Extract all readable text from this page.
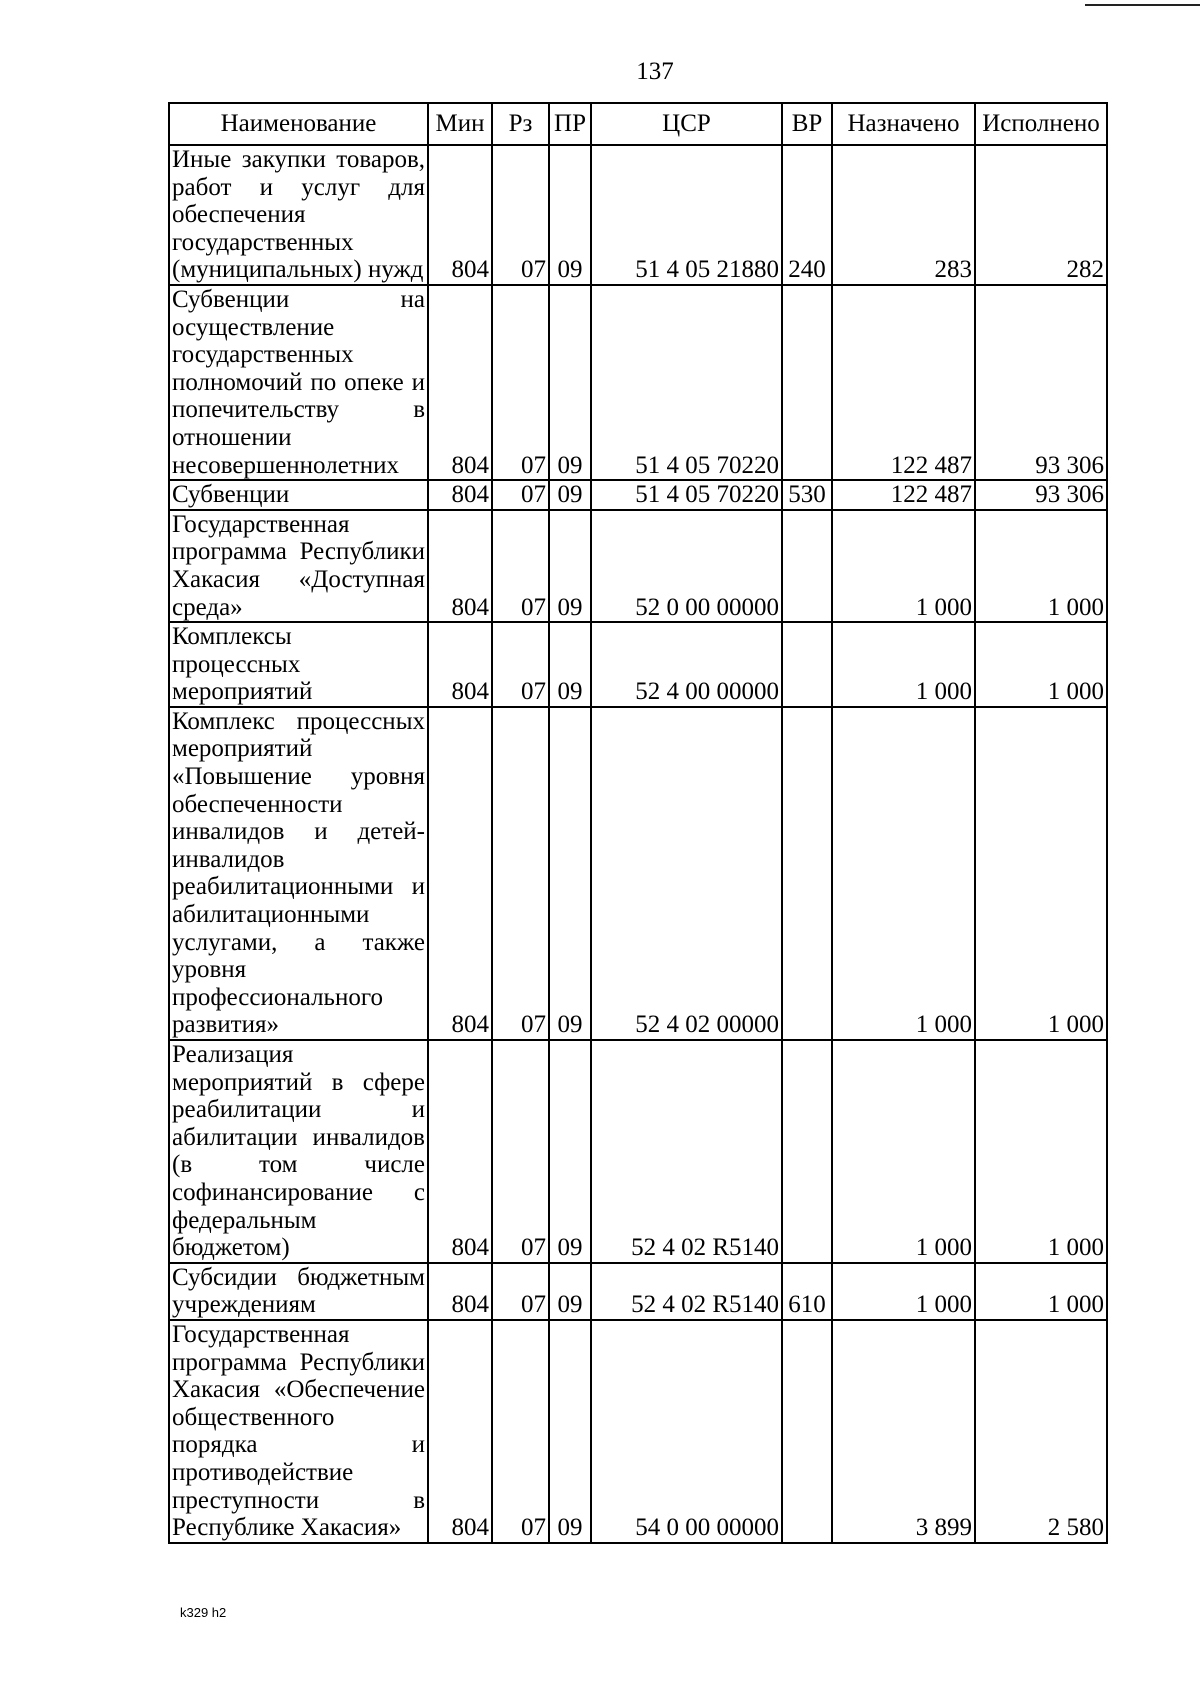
137
Наименование	Мин	Рз	ПР	ЦСР	ВР	Назначено	Исполнено
Иные закупки товаров, работ и услуг для обеспечения государственных (муниципальных) нужд	804	07	09	51 4 05 21880	240	283	282
Субвенции на осуществление государственных полномочий по опеке и попечительству в отношении несовершеннолетних	804	07	09	51 4 05 70220		122 487	93 306
Субвенции	804	07	09	51 4 05 70220	530	122 487	93 306
Государственная программа Республики Хакасия «Доступная среда»	804	07	09	52 0 00 00000		1 000	1 000
Комплексы процессных мероприятий	804	07	09	52 4 00 00000		1 000	1 000
Комплекс процессных мероприятий «Повышение уровня обеспеченности инвалидов и детей-инвалидов реабилитационными и абилитационными услугами, а также уровня профессионального развития»	804	07	09	52 4 02 00000		1 000	1 000
Реализация мероприятий в сфере реабилитации и абилитации инвалидов (в том числе софинансирование с федеральным бюджетом)	804	07	09	52 4 02 R5140		1 000	1 000
Субсидии бюджетным учреждениям	804	07	09	52 4 02 R5140	610	1 000	1 000
Государственная программа Республики Хакасия «Обеспечение общественного порядка и противодействие преступности в Республике Хакасия»	804	07	09	54 0 00 00000		3 899	2 580
k329 h2
